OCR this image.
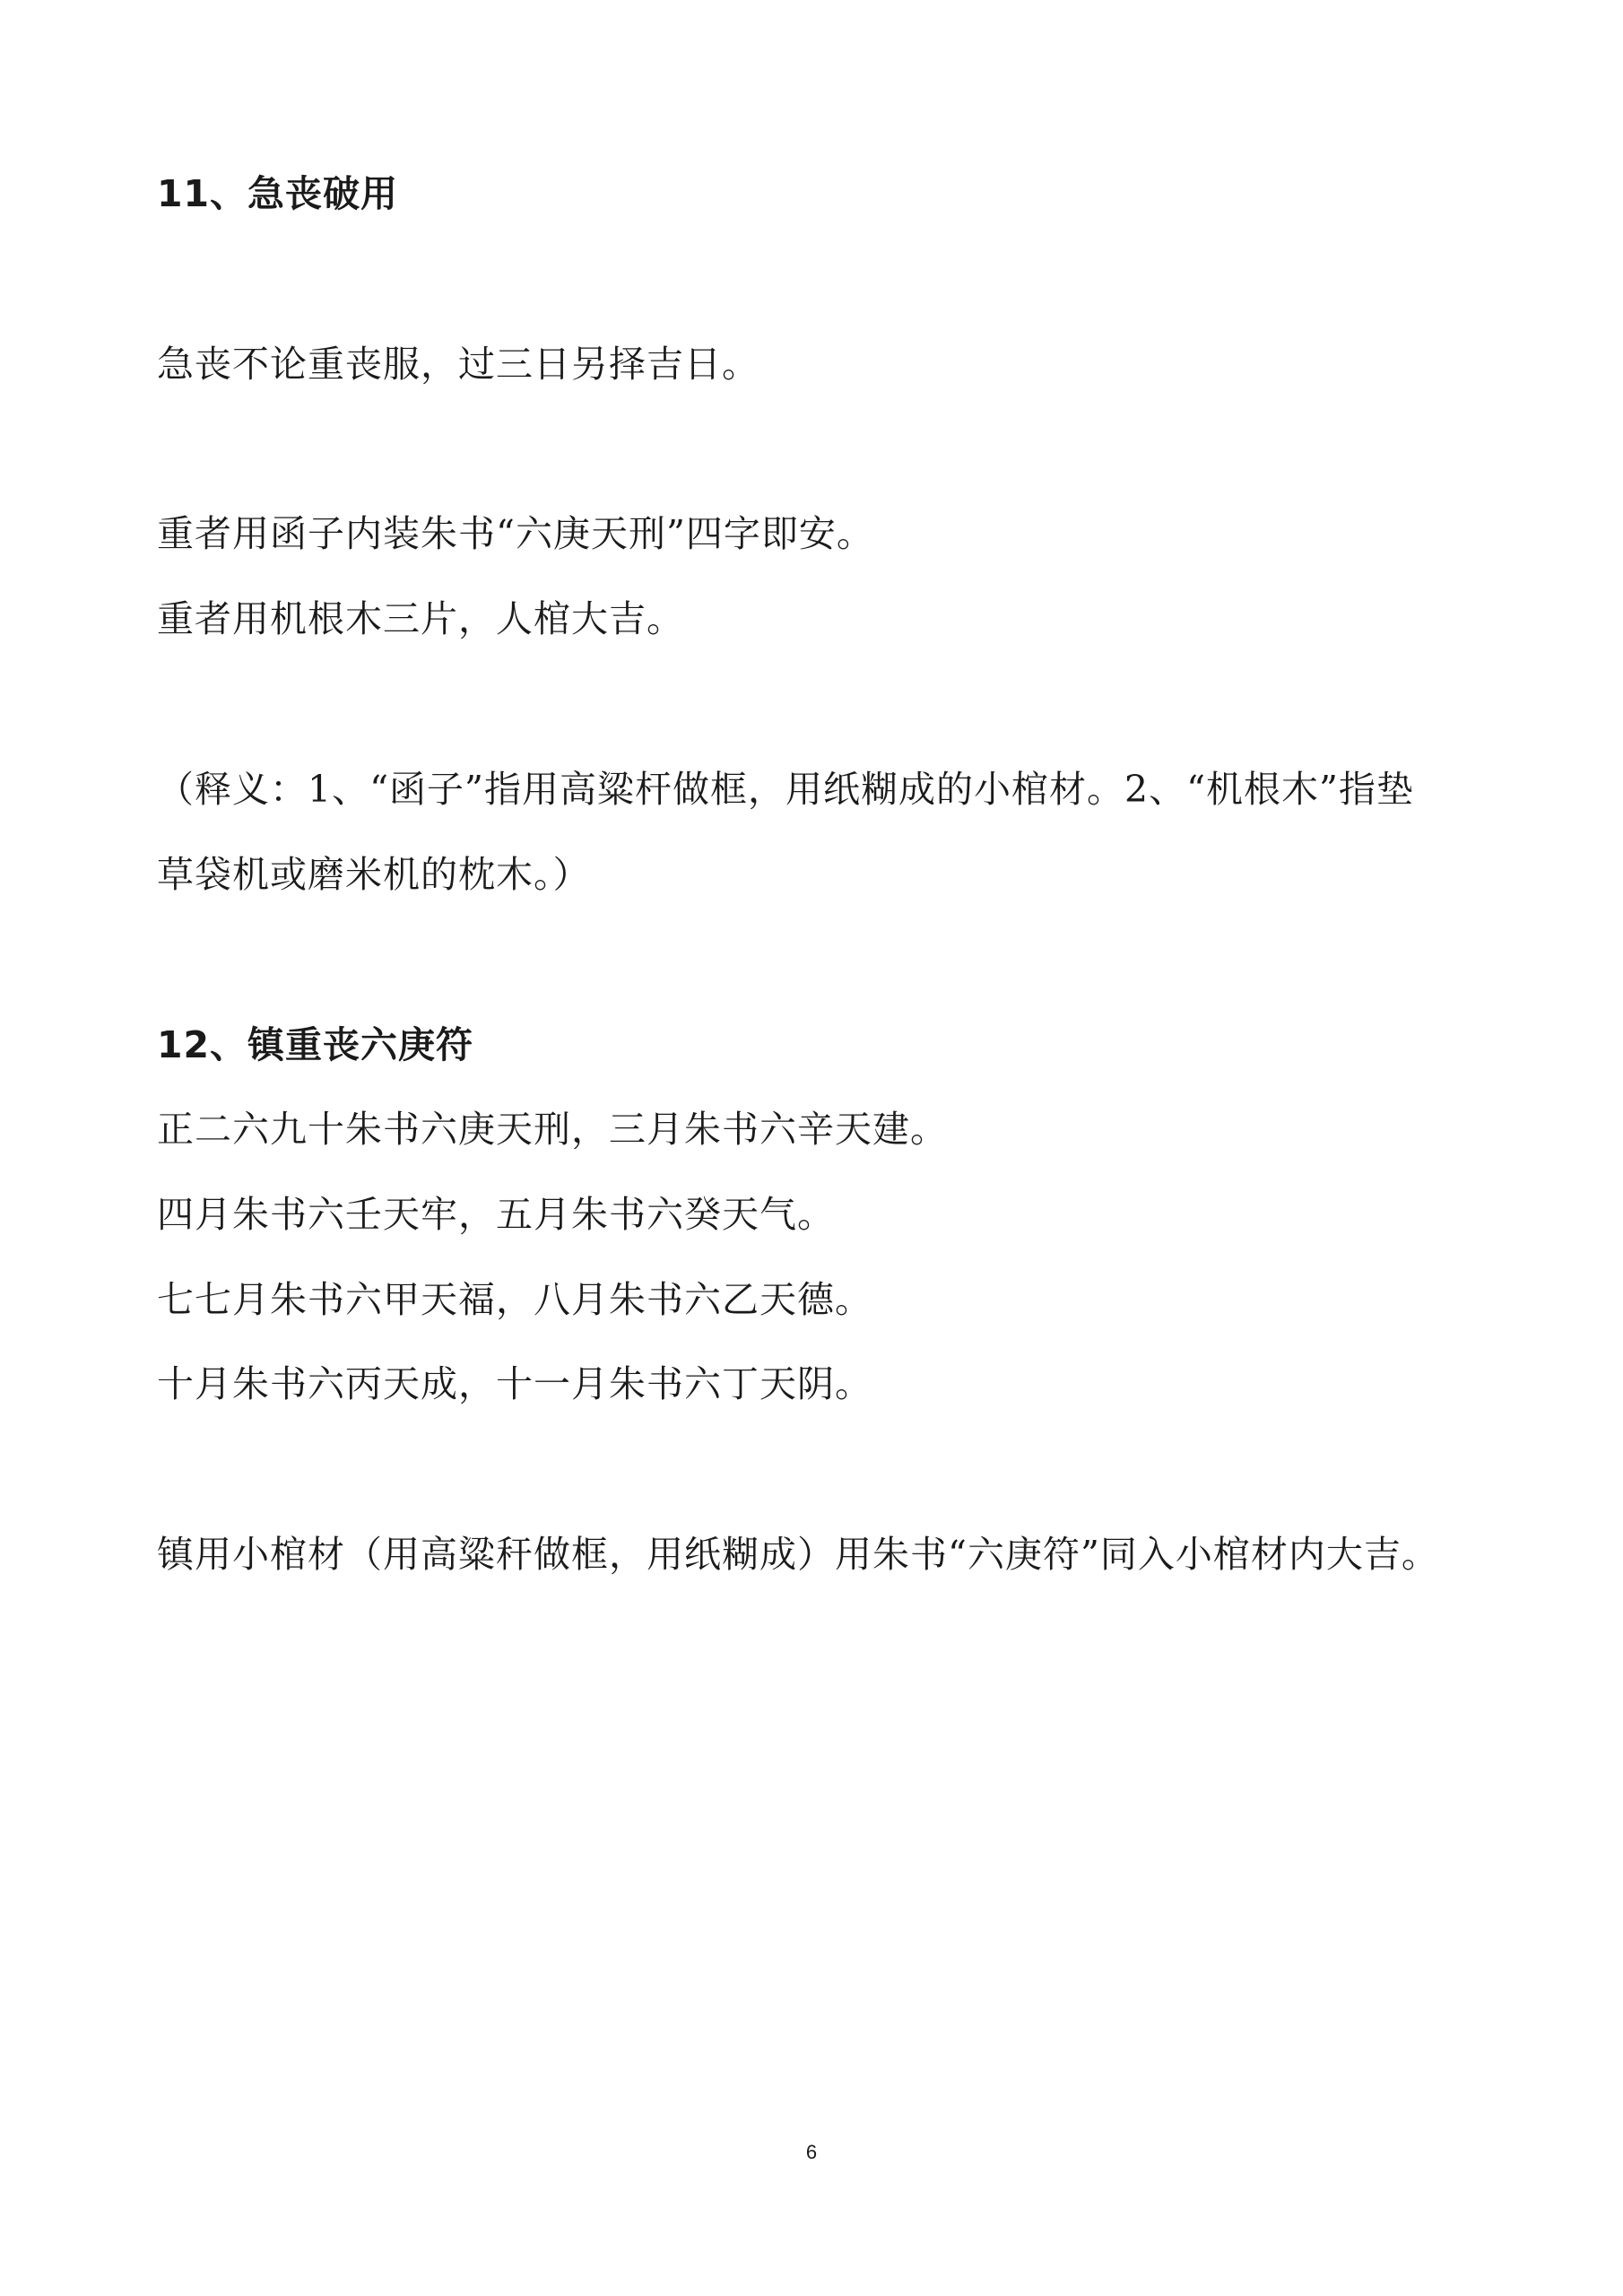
11、急丧破用
急丧不论重丧服，过三日另择吉日。
重者用函子内装朱书“六庚天刑”四字即安。
重者用机根木三片，人棺大吉。
（释义：1、“函子”指用高粱杆做框，用纸糊成的小棺材。2、“机根木”指垫
草袋机或磨米机的枕木。）
12、镇重丧六庚符
正二六九十朱书六庚天刑，三月朱书六辛天建。
四月朱书六壬天牢，五月朱书六癸天气。
七七月朱书六甲天福，八月朱书六乙天德。
十月朱书六丙天成，十一月朱书六丁天阴。
镇用小棺材（用高粱秆做框，用纸糊成）用朱书“六庚符”同入小棺材内大吉。
6
